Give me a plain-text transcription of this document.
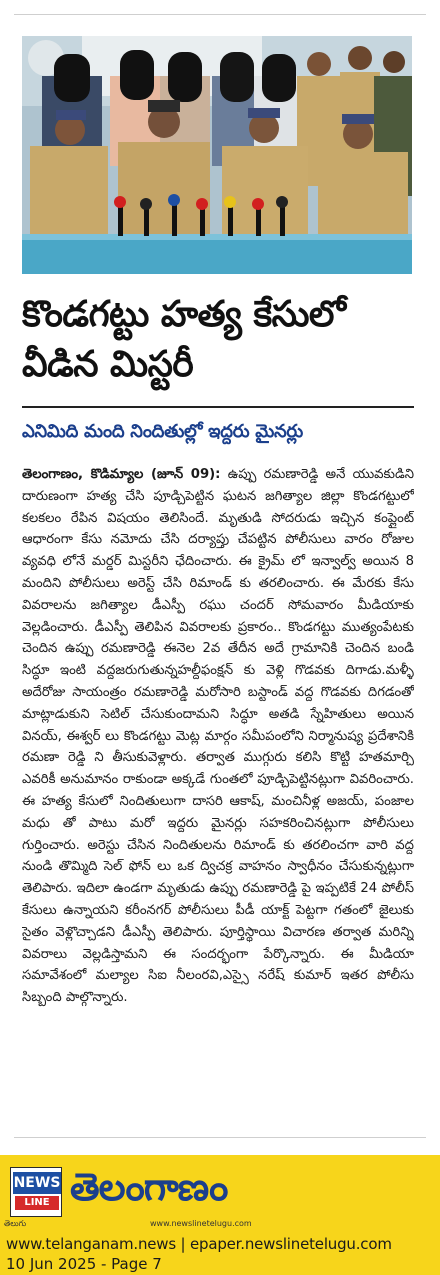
కొండగట్టు హత్య కేసులో
వీడిన మిస్టరీ
ఎనిమిది మంది నిందితుల్లో ఇద్దరు మైనర్లు
తెలంగాణం, కొడిమ్యాల (జూన్ 09): ఉప్పు రమణారెడ్డి అనే యువకుడిని దారుణంగా హత్య చేసి పూడ్చిపెట్టిన ఘటన జగిత్యాల జిల్లా కొండగట్టులో కలకలం రేపిన విషయం తెలిసిందే. మృతుడి సోదరుడు ఇచ్చిన కంప్లైంట్ ఆధారంగా కేసు నమోదు చేసి దర్యాప్తు చేపట్టిన పోలీసులు వారం రోజుల వ్యవధి లోనే మర్డర్ మిస్టరీని ఛేదించారు. ఈ క్రైమ్ లో ఇన్వాల్వ్ అయిన 8 మందిని పోలీసులు అరెస్ట్ చేసి రిమాండ్ కు తరలించారు. ఈ మేరకు కేసు వివరాలను జగిత్యాల డీఎస్పీ రఘు చందర్ సోమవారం మీడియాకు వెల్లడించారు. డీఎస్పీ తెలిపిన వివరాలకు ప్రకారం.. కొండగట్టు ముత్యంపేటకు చెందిన ఉప్పు రమణారెడ్డి ఈనెల 2వ తేదీన అదే గ్రామానికి చెందిన బండి సిద్ధూ ఇంటి వద్దజరుగుతున్నహల్దీఫంక్షన్ కు వెళ్లి గొడవకు దిగాడు.మళ్ళీ అదేరోజు సాయంత్రం రమణారెడ్డి మరోసారి బస్టాండ్ వద్ద గొడవకు దిగడంతో మాట్లాడుకుని సెటిల్ చేసుకుందామని సిద్ధూ అతడి స్నేహితులు అయిన వినయ్, ఈశ్వర్ లు కొండగట్టు మెట్ల మార్గం సమీపంలోని నిర్మానుష్య ప్రదేశానికి రమణా రెడ్డి ని తీసుకువెళ్లారు. తర్వాత ముగ్గురు కలిసి కొట్టి హతమార్చి ఎవరికీ అనుమానం రాకుండా అక్కడే గుంతలో పూడ్చిపెట్టినట్లుగా వివరించారు. ఈ హత్య కేసులో నిందితులుగా దాసరి ఆకాష్, మంచినీళ్ల అజయ్, పంజాల మధు తో పాటు మరో ఇద్దరు మైనర్లు సహకరించినట్లుగా పోలీసులు గుర్తించారు. అరెస్టు చేసిన నిందితులను రిమాండ్ కు తరలించగా వారి వద్ద నుండి తొమ్మిది సెల్ ఫోన్ లు ఒక ద్విచక్ర వాహనం స్వాధీనం చేసుకున్నట్లుగా తెలిపారు. ఇదిలా ఉండగా మృతుడు ఉప్పు రమణారెడ్డి పై ఇప్పటికే 24 పోలీస్ కేసులు ఉన్నాయని కరీంనగర్ పోలీసులు పీడీ యాక్ట్ పెట్టగా గతంలో జైలుకు సైతం వెళ్లొచ్చాడని డీఎస్పీ తెలిపారు. పూర్తిస్థాయి విచారణ తర్వాత మరిన్ని వివరాలు వెల్లడిస్తామని ఈ సందర్భంగా పేర్కొన్నారు. ఈ మీడియా సమావేశంలో మల్యాల సిఐ నీలంరవి,ఎస్సై నరేష్ కుమార్ ఇతర పోలీసు సిబ్బంది పాల్గొన్నారు.
NEWS
LINE
తెలుగు
తెలంగాణం
www.newslinetelugu.com
www.telanganam.news | epaper.newslinetelugu.com
10 Jun 2025 - Page 7
